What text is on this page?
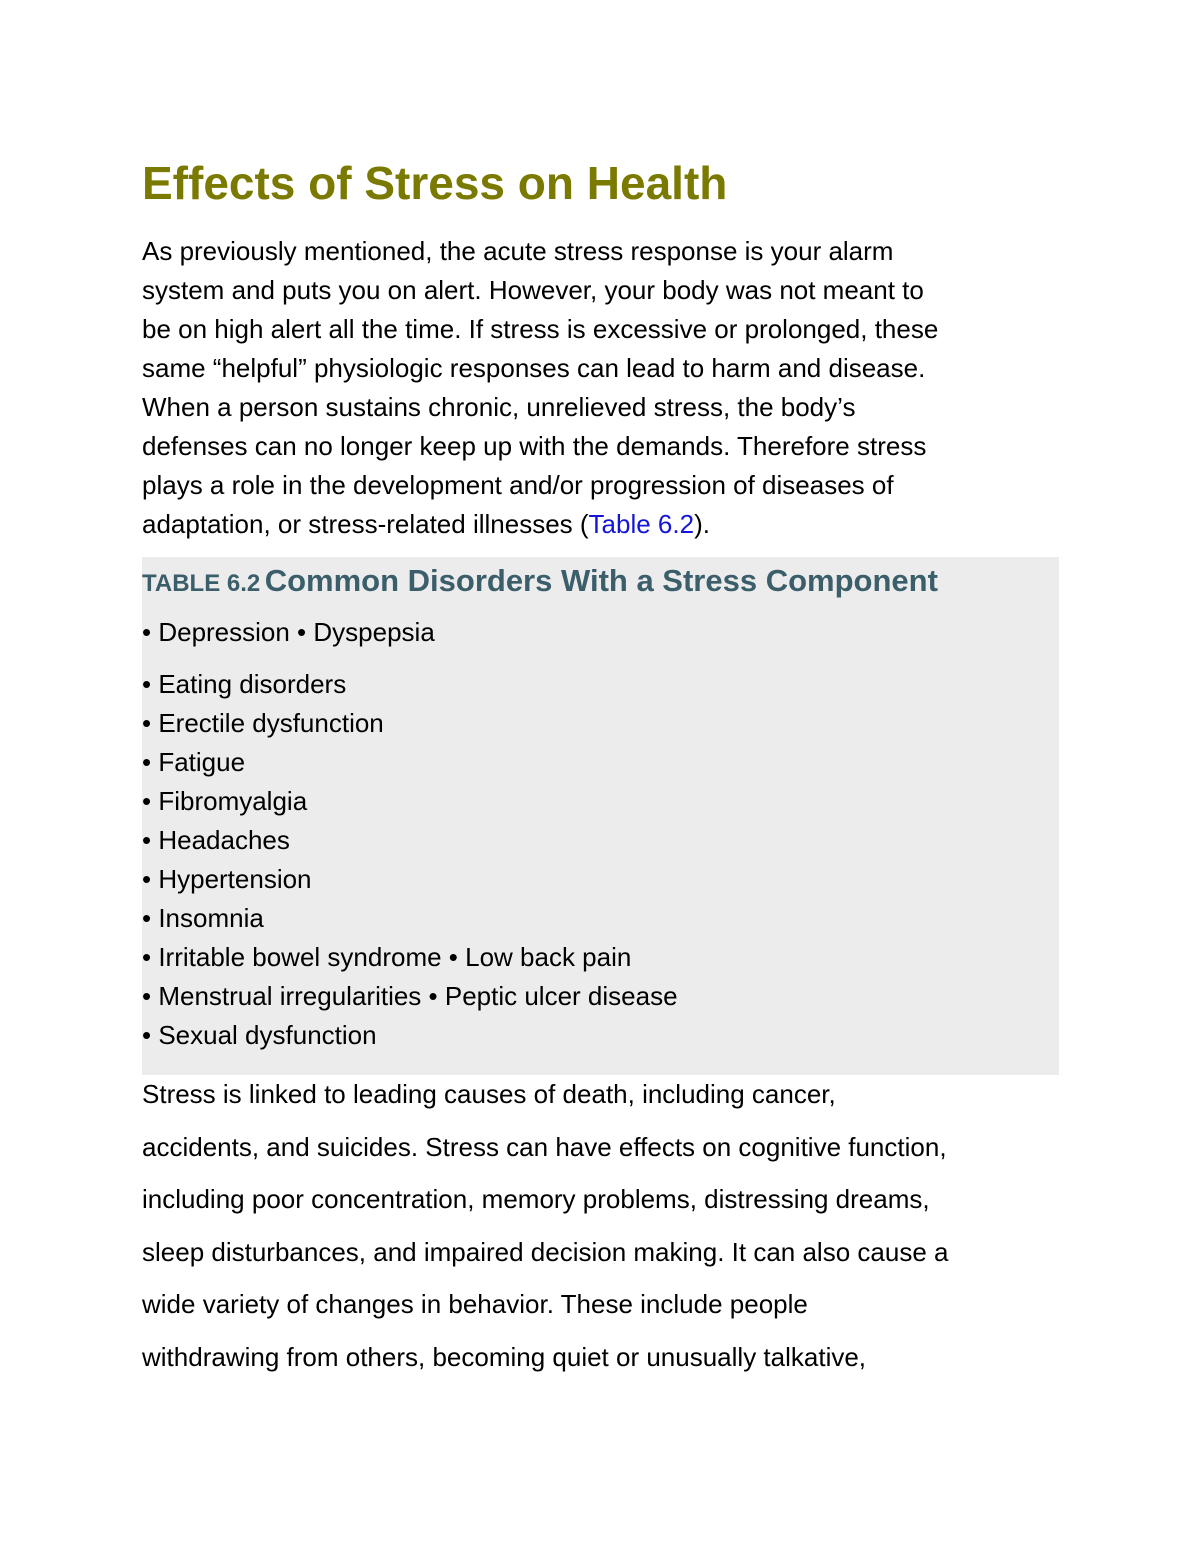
Effects of Stress on Health
As previously mentioned, the acute stress response is your alarm
system and puts you on alert. However, your body was not meant to
be on high alert all the time. If stress is excessive or prolonged, these
same “helpful” physiologic responses can lead to harm and disease.
When a person sustains chronic, unrelieved stress, the body’s
defenses can no longer keep up with the demands. Therefore stress
plays a role in the development and/or progression of diseases of
adaptation, or stress-related illnesses (Table 6.2).
TABLE 6.2 Common Disorders With a Stress Component
• Depression • Dyspepsia
• Eating disorders
• Erectile dysfunction
• Fatigue
• Fibromyalgia
• Headaches
• Hypertension
• Insomnia
• Irritable bowel syndrome • Low back pain
• Menstrual irregularities • Peptic ulcer disease
• Sexual dysfunction
Stress is linked to leading causes of death, including cancer,
accidents, and suicides. Stress can have effects on cognitive function,
including poor concentration, memory problems, distressing dreams,
sleep disturbances, and impaired decision making. It can also cause a
wide variety of changes in behavior. These include people
withdrawing from others, becoming quiet or unusually talkative,
